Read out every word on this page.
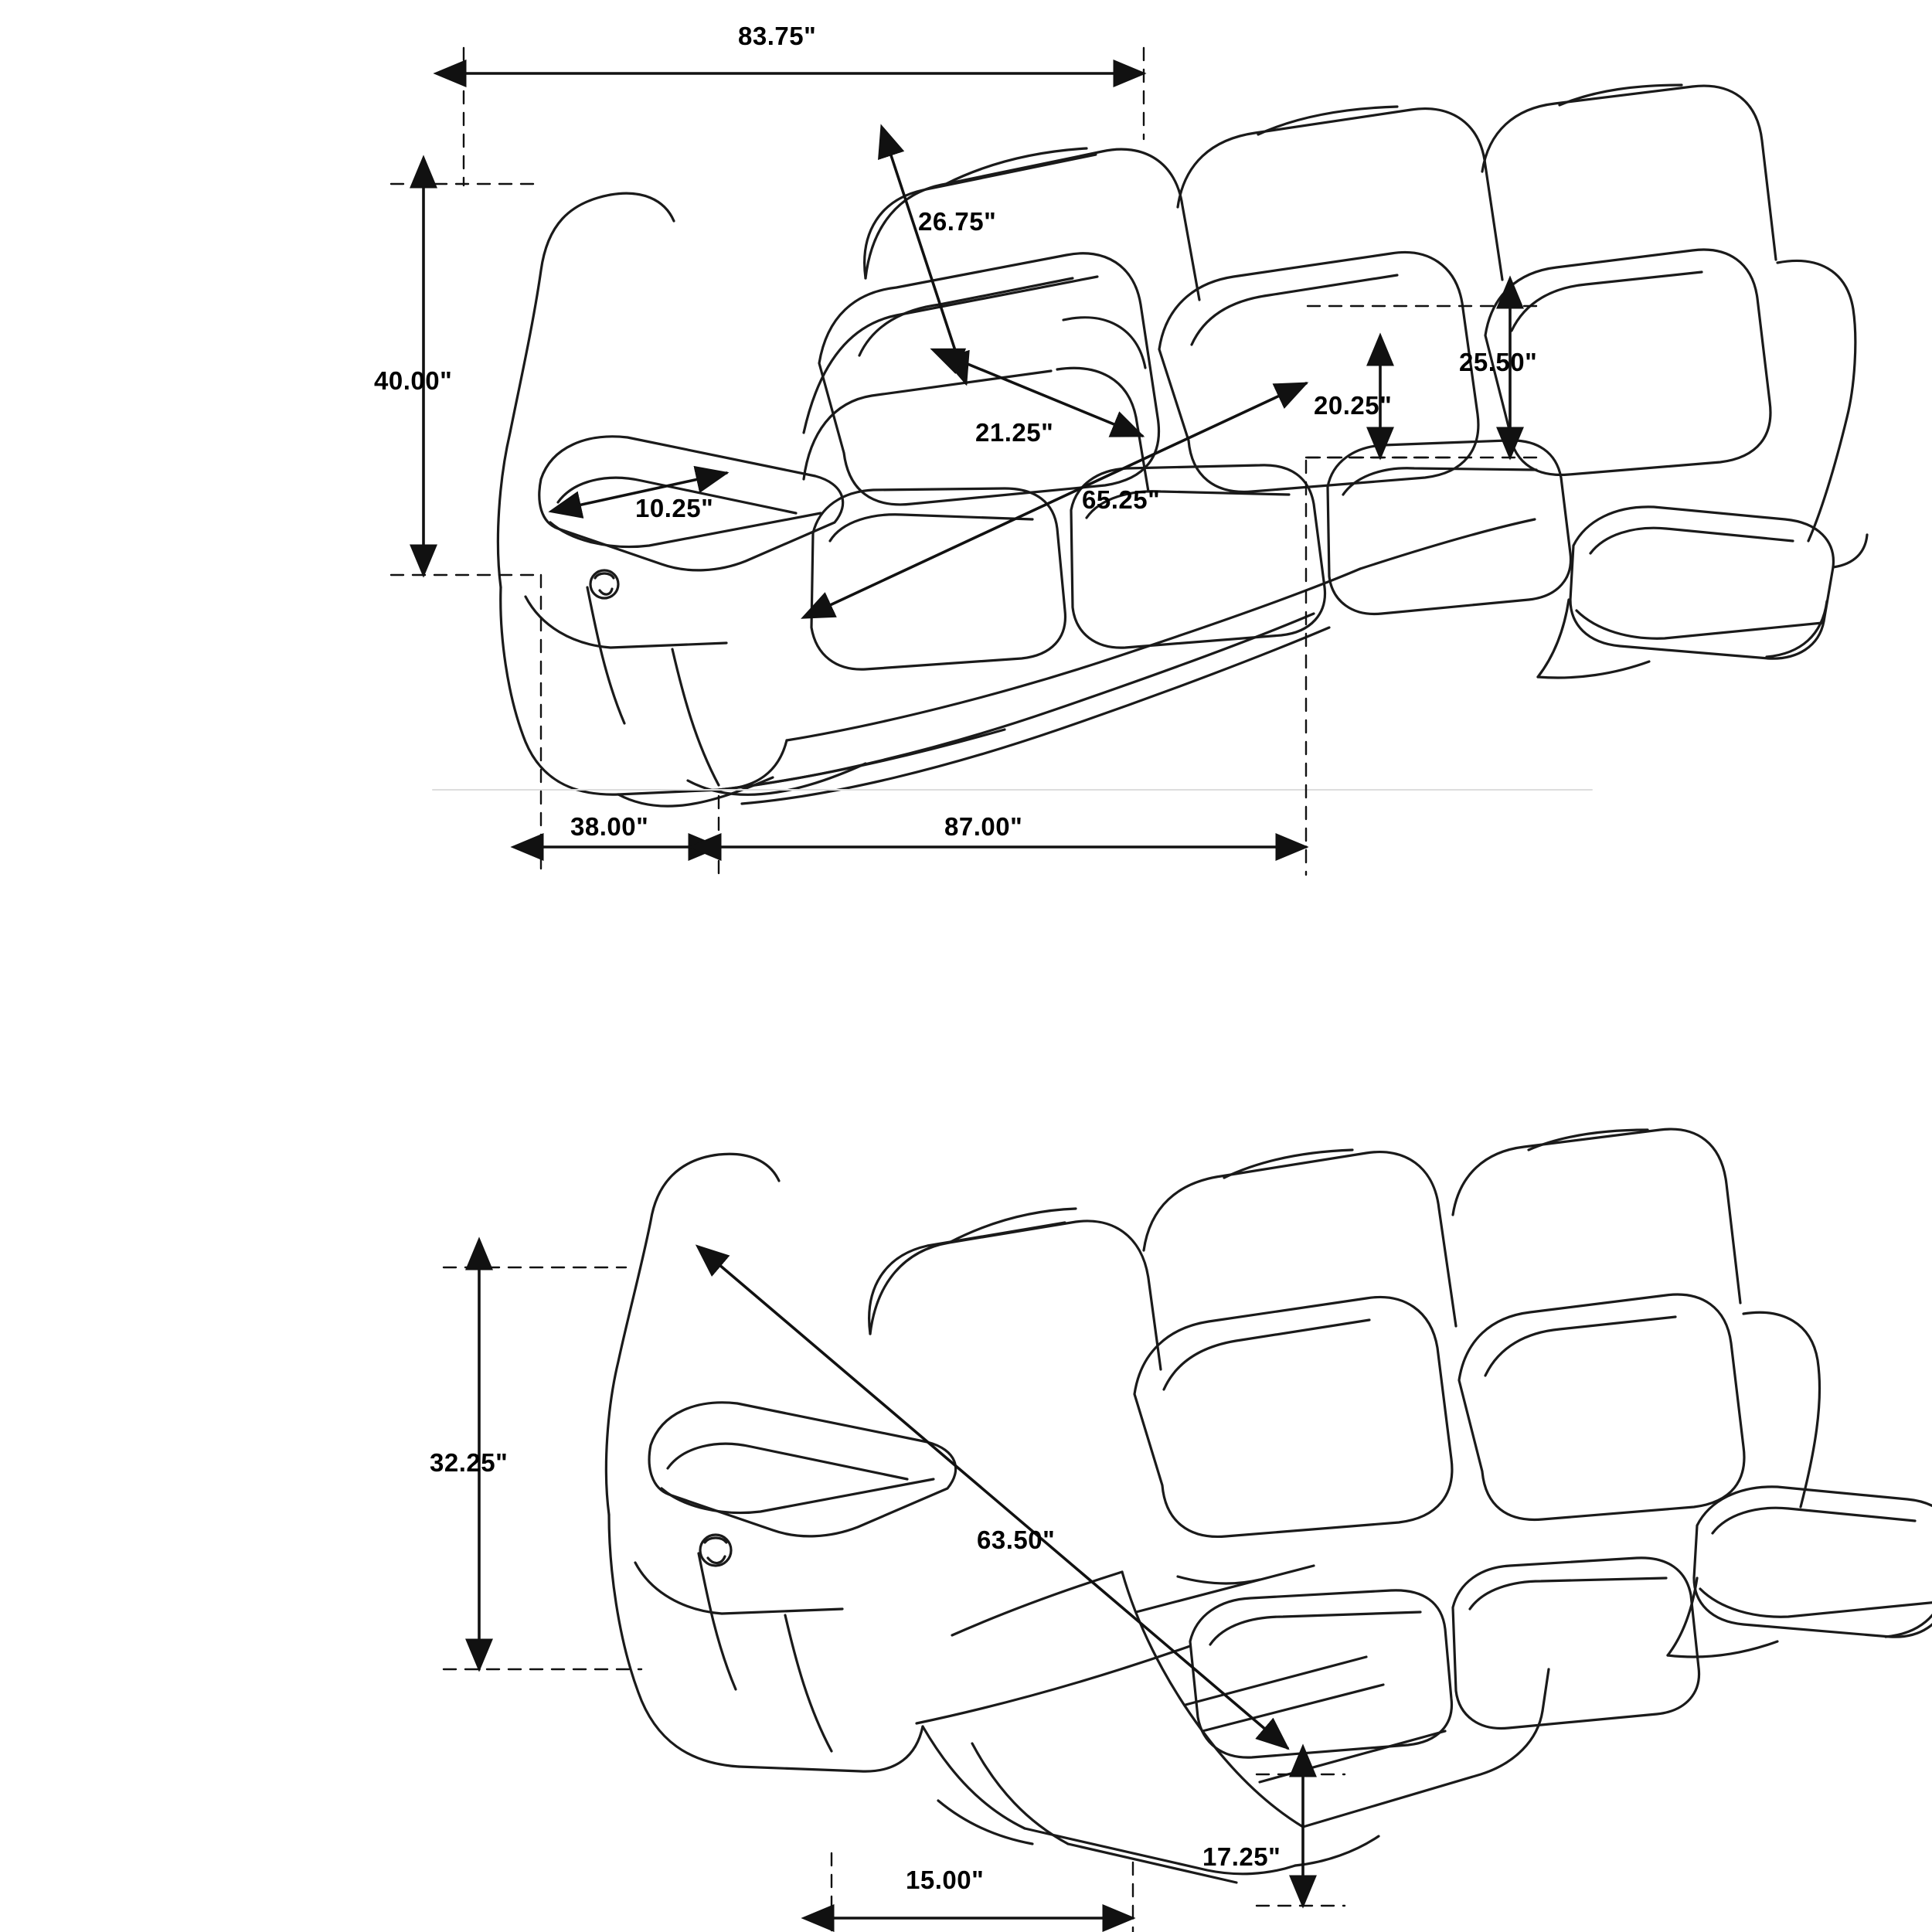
83.75"
40.00"
26.75"
21.25"
10.25"	65.25"
25.50"
20.25"
38.00"	87.00"
32.25"
63.50"
15.00"
17.25"
